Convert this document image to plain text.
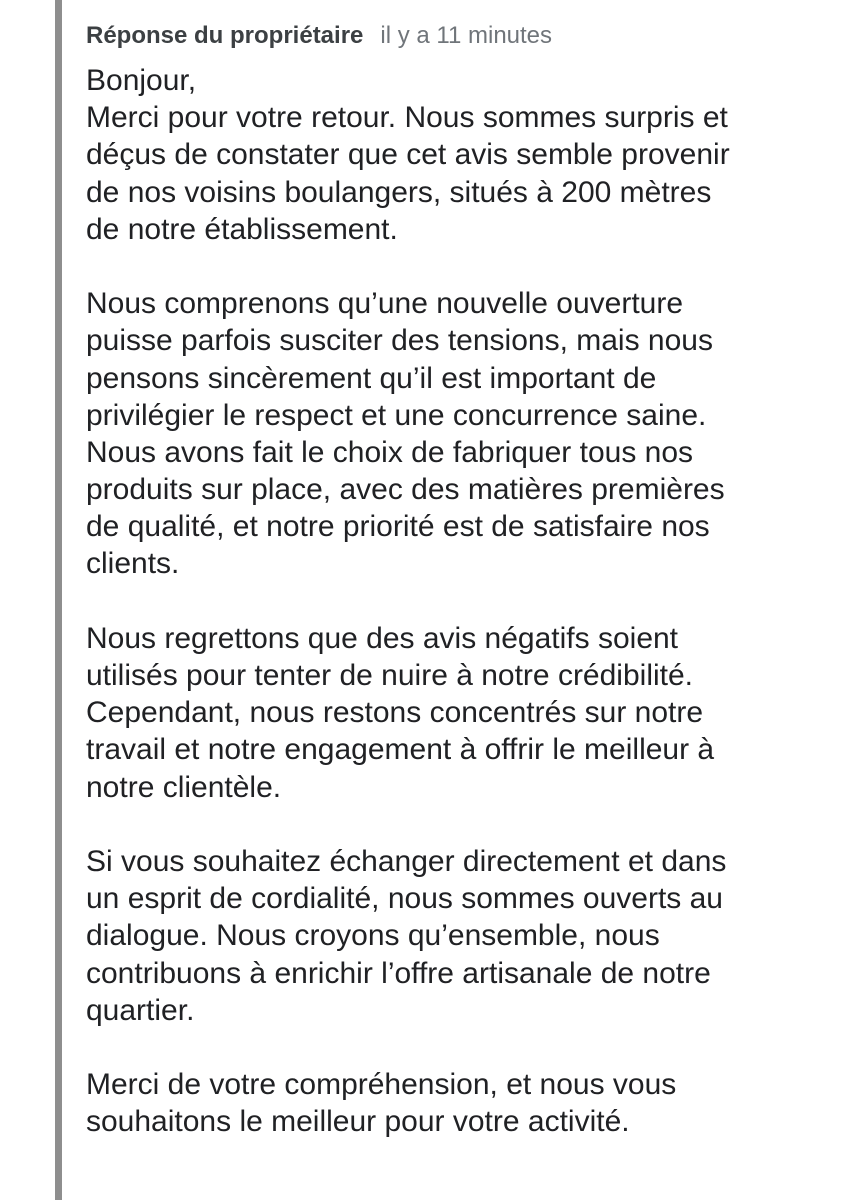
Réponse du propriétaire il y a 11 minutes
Bonjour,
Merci pour votre retour. Nous sommes surpris et
déçus de constater que cet avis semble provenir
de nos voisins boulangers, situés à 200 mètres
de notre établissement.
Nous comprenons qu’une nouvelle ouverture
puisse parfois susciter des tensions, mais nous
pensons sincèrement qu’il est important de
privilégier le respect et une concurrence saine.
Nous avons fait le choix de fabriquer tous nos
produits sur place, avec des matières premières
de qualité, et notre priorité est de satisfaire nos
clients.
Nous regrettons que des avis négatifs soient
utilisés pour tenter de nuire à notre crédibilité.
Cependant, nous restons concentrés sur notre
travail et notre engagement à offrir le meilleur à
notre clientèle.
Si vous souhaitez échanger directement et dans
un esprit de cordialité, nous sommes ouverts au
dialogue. Nous croyons qu’ensemble, nous
contribuons à enrichir l’offre artisanale de notre
quartier.
Merci de votre compréhension, et nous vous
souhaitons le meilleur pour votre activité.
